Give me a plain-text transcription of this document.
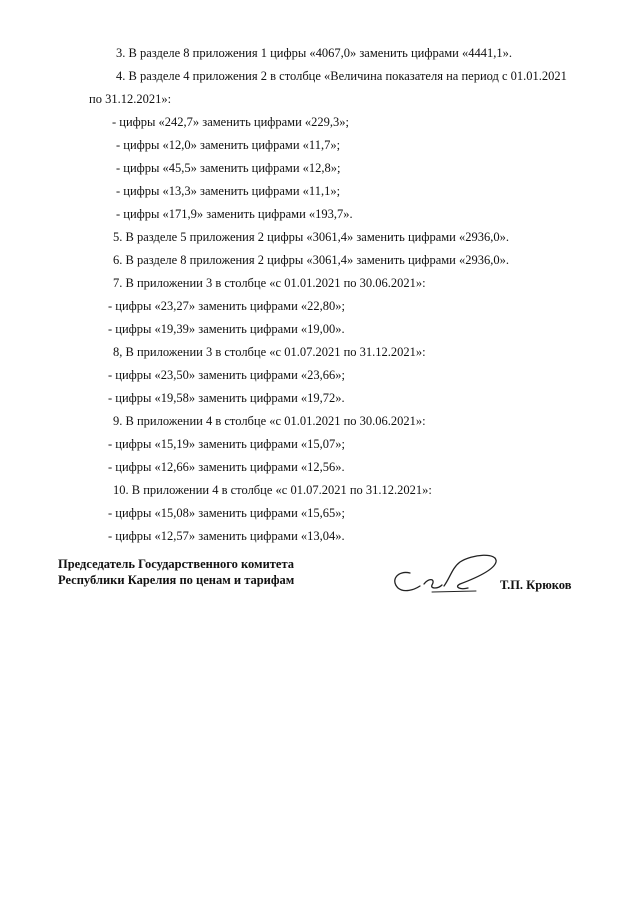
3. В разделе 8 приложения 1 цифры «4067,0» заменить цифрами «4441,1».
4. В разделе 4 приложения 2 в столбце «Величина показателя на период с 01.01.2021
по 31.12.2021»:
- цифры «242,7» заменить цифрами «229,3»;
- цифры «12,0» заменить цифрами «11,7»;
- цифры «45,5» заменить цифрами «12,8»;
- цифры «13,3» заменить цифрами «11,1»;
- цифры «171,9» заменить цифрами «193,7».
5. В разделе 5 приложения 2 цифры «3061,4» заменить цифрами «2936,0».
6. В разделе 8 приложения 2 цифры «3061,4» заменить цифрами «2936,0».
7. В приложении 3 в столбце «с 01.01.2021 по 30.06.2021»:
- цифры «23,27» заменить цифрами «22,80»;
- цифры «19,39» заменить цифрами «19,00».
8, В приложении 3 в столбце «с 01.07.2021 по 31.12.2021»:
- цифры «23,50» заменить цифрами «23,66»;
- цифры «19,58» заменить цифрами «19,72».
9. В приложении 4 в столбце «с 01.01.2021 по 30.06.2021»:
- цифры «15,19» заменить цифрами «15,07»;
- цифры «12,66» заменить цифрами «12,56».
10. В приложении 4 в столбце «с 01.07.2021 по 31.12.2021»:
- цифры «15,08» заменить цифрами «15,65»;
- цифры «12,57» заменить цифрами «13,04».
Председатель Государственного комитета
Республики Карелия по ценам и тарифам	Т.П. Крюков
